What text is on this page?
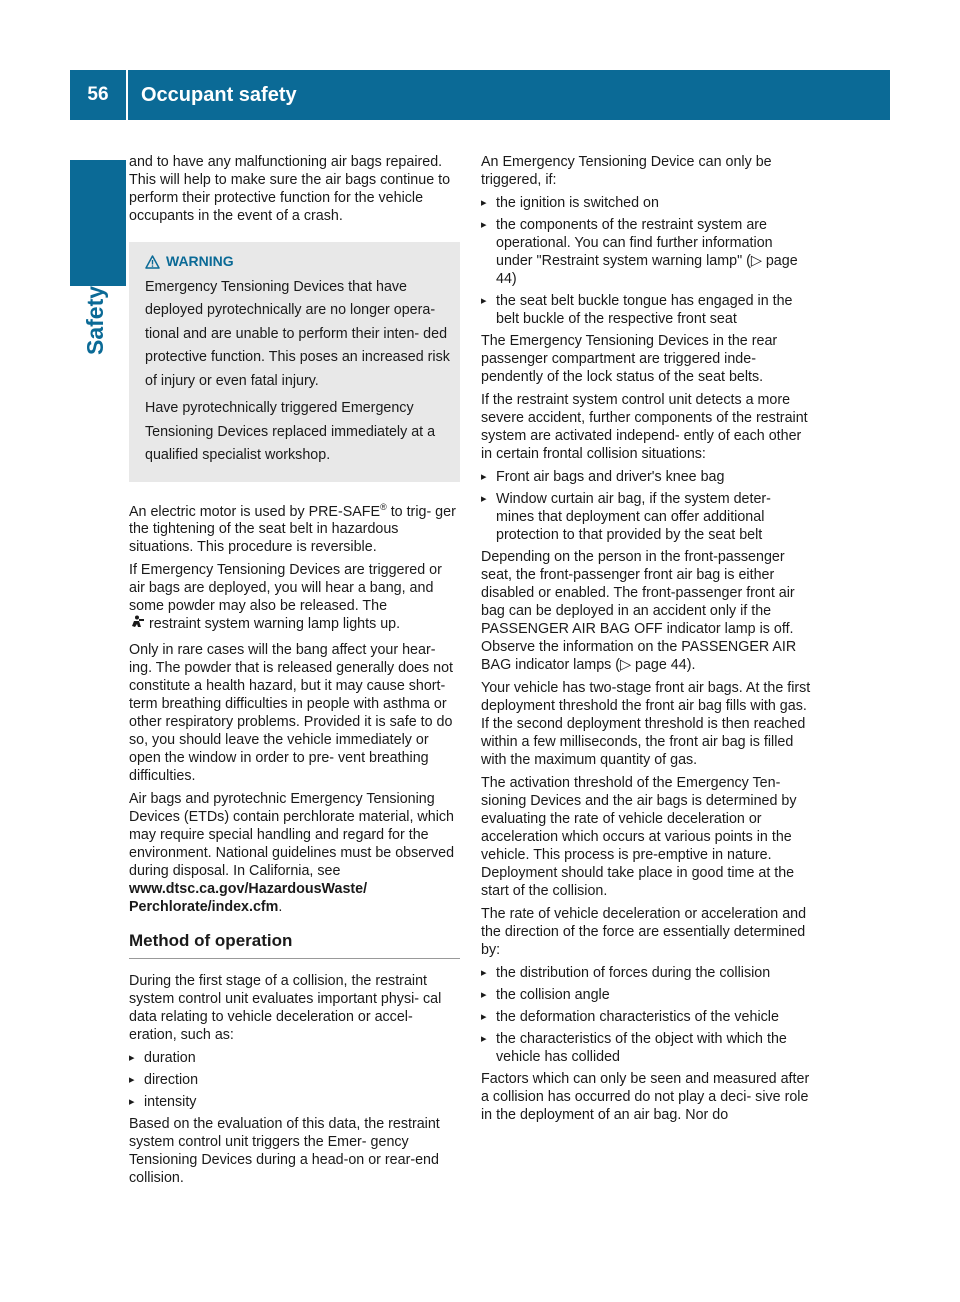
56	Occupant safety
Safety

and to have any malfunctioning air bags repaired. This will help to make sure the air bags continue to perform their protective function for the vehicle occupants in the event of a crash.

WARNING

Emergency Tensioning Devices that have deployed pyrotechnically are no longer opera- tional and are unable to perform their inten- ded protective function. This poses an increased risk of injury or even fatal injury.

Have pyrotechnically triggered Emergency Tensioning Devices replaced immediately at a qualified specialist workshop.

An electric motor is used by PRE-SAFE® to trig- ger the tightening of the seat belt in hazardous situations. This procedure is reversible.

If Emergency Tensioning Devices are triggered or air bags are deployed, you will hear a bang, and some powder may also be released. The
restraint system warning lamp lights up.

Only in rare cases will the bang affect your hear- ing. The powder that is released generally does not constitute a health hazard, but it may cause short-term breathing difficulties in people with asthma or other respiratory problems. Provided it is safe to do so, you should leave the vehicle immediately or open the window in order to pre- vent breathing difficulties.

Air bags and pyrotechnic Emergency Tensioning Devices (ETDs) contain perchlorate material, which may require special handling and regard for the environment. National guidelines must be observed during disposal. In California, see www.dtsc.ca.gov/HazardousWaste/ Perchlorate/index.cfm.

Method of operation

During the first stage of a collision, the restraint system control unit evaluates important physi- cal data relating to vehicle deceleration or accel- eration, such as:

▸ duration
▸ direction
▸ intensity

Based on the evaluation of this data, the restraint system control unit triggers the Emer- gency Tensioning Devices during a head-on or rear-end collision.

An Emergency Tensioning Device can only be triggered, if:

▸ the ignition is switched on
▸ the components of the restraint system are operational. You can find further information under "Restraint system warning lamp" (▷ page 44)
▸ the seat belt buckle tongue has engaged in the belt buckle of the respective front seat

The Emergency Tensioning Devices in the rear passenger compartment are triggered inde- pendently of the lock status of the seat belts.

If the restraint system control unit detects a more severe accident, further components of the restraint system are activated independ- ently of each other in certain frontal collision situations:

▸ Front air bags and driver's knee bag
▸ Window curtain air bag, if the system deter- mines that deployment can offer additional protection to that provided by the seat belt

Depending on the person in the front-passenger seat, the front-passenger front air bag is either disabled or enabled. The front-passenger front air bag can be deployed in an accident only if the PASSENGER AIR BAG OFF indicator lamp is off. Observe the information on the PASSENGER AIR BAG indicator lamps (▷ page 44).

Your vehicle has two-stage front air bags. At the first deployment threshold the front air bag fills with gas. If the second deployment threshold is then reached within a few milliseconds, the front air bag is filled with the maximum quantity of gas.

The activation threshold of the Emergency Ten- sioning Devices and the air bags is determined by evaluating the rate of vehicle deceleration or acceleration which occurs at various points in the vehicle. This process is pre-emptive in nature. Deployment should take place in good time at the start of the collision.

The rate of vehicle deceleration or acceleration and the direction of the force are essentially determined by:

▸ the distribution of forces during the collision
▸ the collision angle
▸ the deformation characteristics of the vehicle
▸ the characteristics of the object with which the vehicle has collided

Factors which can only be seen and measured after a collision has occurred do not play a deci- sive role in the deployment of an air bag. Nor do
